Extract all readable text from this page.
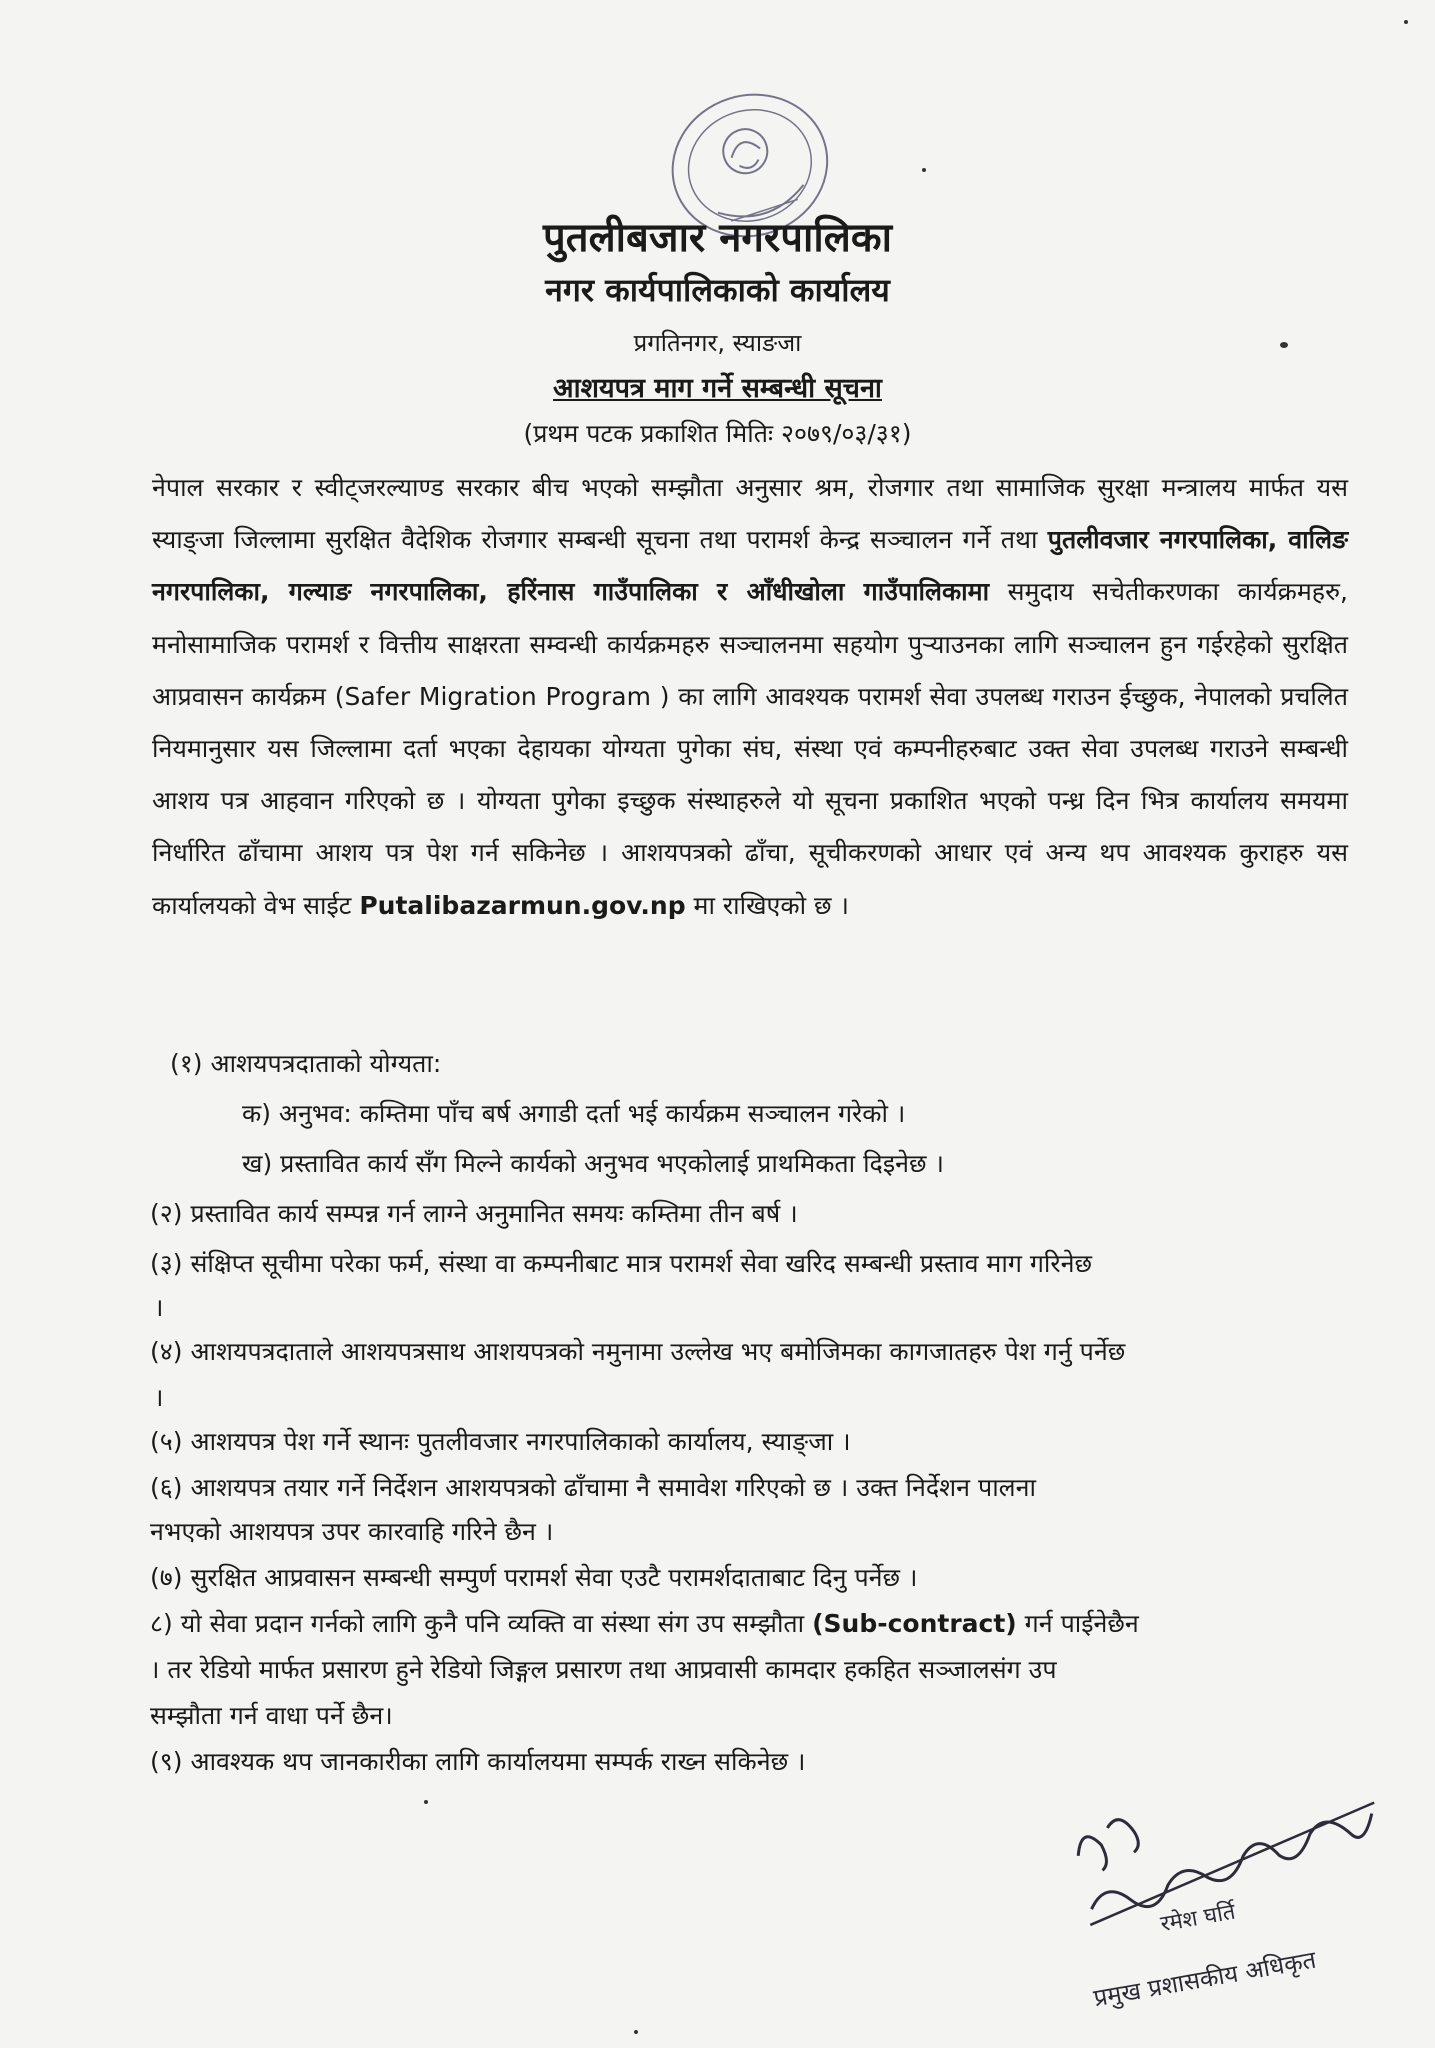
पुतलीबजार नगरपालिका
नगर कार्यपालिकाको कार्यालय
प्रगतिनगर, स्याङजा
आशयपत्र माग गर्ने सम्बन्धी सूचना
(प्रथम पटक प्रकाशित मितिः २०७९/०३/३१)
नेपाल सरकार र स्वीट्जरल्याण्ड सरकार बीच भएको सम्झौता अनुसार श्रम, रोजगार तथा सामाजिक सुरक्षा मन्त्रालय मार्फत यस स्याङ्जा जिल्लामा सुरक्षित वैदेशिक रोजगार सम्बन्धी सूचना तथा परामर्श केन्द्र सञ्चालन गर्ने तथा पुतलीवजार नगरपालिका, वालिङ नगरपालिका, गल्याङ नगरपालिका, हरिंनास गाउँपालिका र आँधीखोला गाउँपालिकामा समुदाय सचेतीकरणका कार्यक्रमहरु, मनोसामाजिक परामर्श र वित्तीय साक्षरता सम्वन्धी कार्यक्रमहरु सञ्चालनमा सहयोग पुर्‍याउनका लागि सञ्चालन हुन गईरहेको सुरक्षित आप्रवासन कार्यक्रम (Safer Migration Program ) का लागि आवश्यक परामर्श सेवा उपलब्ध गराउन ईच्छुक, नेपालको प्रचलित नियमानुसार यस जिल्लामा दर्ता भएका देहायका योग्यता पुगेका संघ, संस्था एवं कम्पनीहरुबाट उक्त सेवा उपलब्ध गराउने सम्बन्धी आशय पत्र आहवान गरिएको छ । योग्यता पुगेका इच्छुक संस्थाहरुले यो सूचना प्रकाशित भएको पन्ध्र दिन भित्र कार्यालय समयमा निर्धारित ढाँचामा आशय पत्र पेश गर्न सकिनेछ । आशयपत्रको ढाँचा, सूचीकरणको आधार एवं अन्य थप आवश्यक कुराहरु यस कार्यालयको वेभ साईट Putalibazarmun.gov.np मा राखिएको छ ।
(१) आशयपत्रदाताको योग्यता:
क) अनुभव: कम्तिमा पाँच बर्ष अगाडी दर्ता भई कार्यक्रम सञ्चालन गरेको ।
ख) प्रस्तावित कार्य सँग मिल्ने कार्यको अनुभव भएकोलाई प्राथमिकता दिइनेछ ।
(२) प्रस्तावित कार्य सम्पन्न गर्न लाग्ने अनुमानित समयः कम्तिमा तीन बर्ष ।
(३) संक्षिप्त सूचीमा परेका फर्म, संस्था वा कम्पनीबाट मात्र परामर्श सेवा खरिद सम्बन्धी प्रस्ताव माग गरिनेछ
।
(४) आशयपत्रदाताले आशयपत्रसाथ आशयपत्रको नमुनामा उल्लेख भए बमोजिमका कागजातहरु पेश गर्नु पर्नेछ
।
(५) आशयपत्र पेश गर्ने स्थानः पुतलीवजार नगरपालिकाको कार्यालय, स्याङ्जा ।
(६) आशयपत्र तयार गर्ने निर्देशन आशयपत्रको ढाँचामा नै समावेश गरिएको छ । उक्त निर्देशन पालना
नभएको आशयपत्र उपर कारवाहि गरिने छैन ।
(७) सुरक्षित आप्रवासन सम्बन्धी सम्पुर्ण परामर्श सेवा एउटै परामर्शदाताबाट दिनु पर्नेछ ।
८) यो सेवा प्रदान गर्नको लागि कुनै पनि व्यक्ति वा संस्था संग उप सम्झौता (Sub-contract) गर्न पाईनेछैन
। तर रेडियो मार्फत प्रसारण हुने रेडियो जिङ्गल प्रसारण तथा आप्रवासी कामदार हकहित सञ्जालसंग उप
सम्झौता गर्न वाधा पर्ने छैन।
(९) आवश्यक थप जानकारीका लागि कार्यालयमा सम्पर्क राख्न सकिनेछ ।
रमेश घर्ति
प्रमुख प्रशासकीय अधिकृत
